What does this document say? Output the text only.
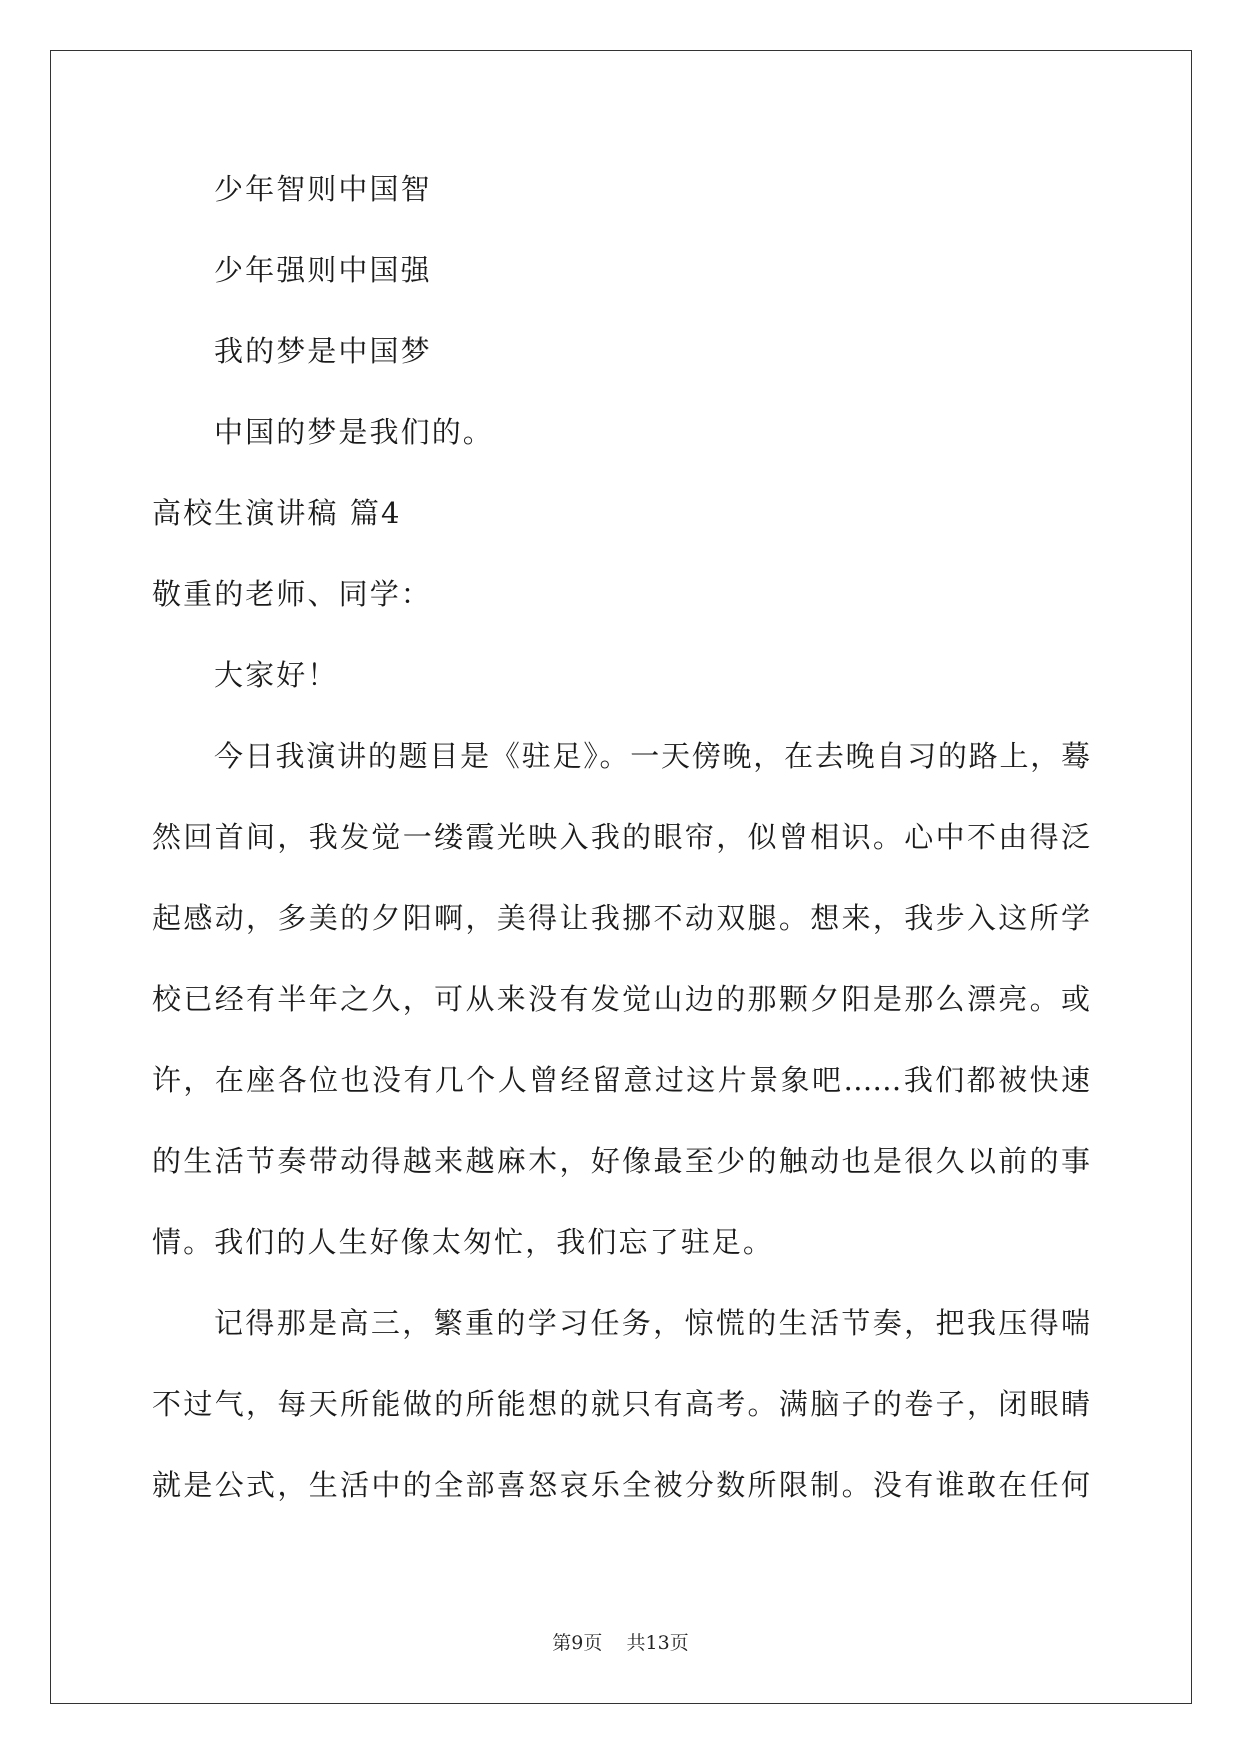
少年智则中国智
少年强则中国强
我的梦是中国梦
中国的梦是我们的。
高校生演讲稿 篇4
敬重的老师、同学：
大家好！
今日我演讲的题目是《驻足》。一天傍晚，在去晚自习的路上，蓦
然回首间，我发觉一缕霞光映入我的眼帘，似曾相识。心中不由得泛
起感动，多美的夕阳啊，美得让我挪不动双腿。想来，我步入这所学
校已经有半年之久，可从来没有发觉山边的那颗夕阳是那么漂亮。或
许，在座各位也没有几个人曾经留意过这片景象吧……我们都被快速
的生活节奏带动得越来越麻木，好像最至少的触动也是很久以前的事
情。我们的人生好像太匆忙，我们忘了驻足。
记得那是高三，繁重的学习任务，惊慌的生活节奏，把我压得喘
不过气，每天所能做的所能想的就只有高考。满脑子的卷子，闭眼睛
就是公式，生活中的全部喜怒哀乐全被分数所限制。没有谁敢在任何
第9页 共13页
